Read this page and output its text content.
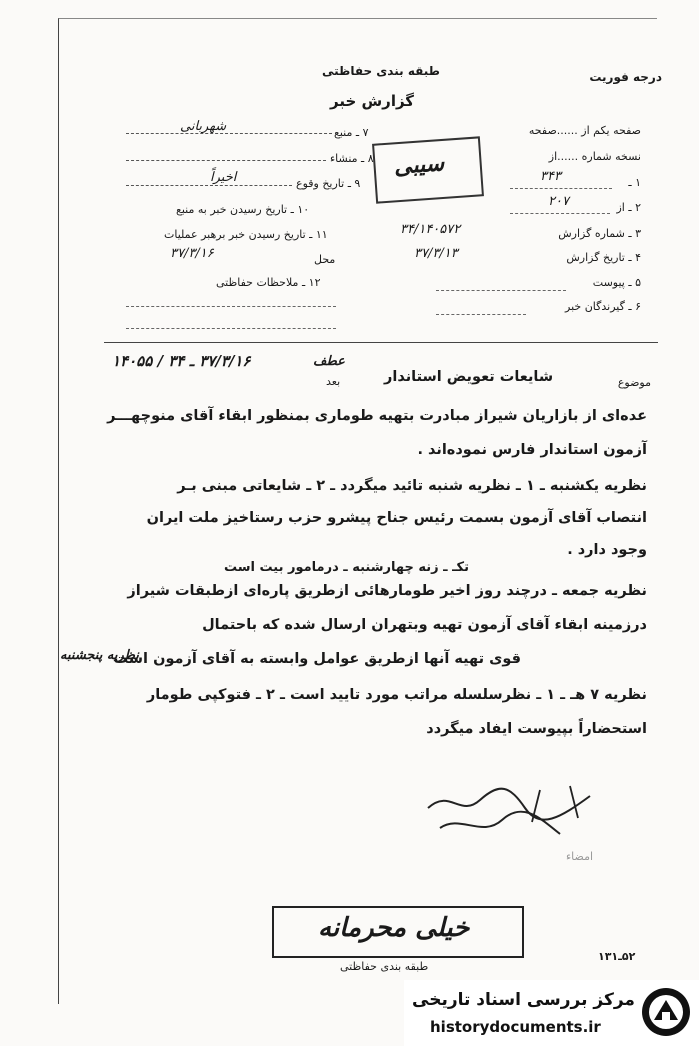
درجه فوریت
طبقه بندی حفاظتی
گزارش خبر
صفحه یکم از ......صفحه
نسخه شماره ......از
۱ ـ
۳۴۳
۲ ـ از
۲۰۷
۳ ـ شماره گزارش
۳۴/۱۴۰۵۷۲
۴ ـ تاریخ گزارش
۳۷/۳/۱۳
۵ ـ پیوست
۶ ـ گیرندگان خبر
۷ ـ منبع
شهربانی
۸ ـ منشاء
۹ ـ تاریخ وقوع
اخیراً
۱۰ ـ تاریخ رسیدن خبر به منبع
۱۱ ـ تاریخ رسیدن خبر برهبر عملیات
محل
۳۷/۳/۱۶
۱۲ ـ ملاحظات حفاظتی
سیبی
عطف
۳۷/۳/۱۶ ـ ۳۴ / ۱۴۰۵۵
بعد	موضوع
شایعات تعویض استاندار
عده‌ای از بازاریان شیراز مبادرت بتهیه طوماری بمنظور ابقاء آقای منوچهـــر
آزمون استاندار فارس نموده‌اند .
نظریه یکشنبه ـ ۱ ـ نظریه شنبه تائید میگردد ـ ۲ ـ شایعاتی مبنی بـر
انتصاب آقای آزمون بسمت رئیس جناح پیشرو حزب رستاخیز ملت ایران
وجود دارد .
تکـ ـ زنه چهارشنبه ـ درمامور بیت است
نظریه جمعه ـ درچند روز اخیر طومارهائی ازطریق پاره‌ای ازطبقات شیراز
درزمینه ابقاء آقای آزمون تهیه وبتهران ارسال شده که باحتمال
قوی تهیه آنها ازطریق عوامل وابسته به آقای آزمون است
نظریه پنجشنبه
نظریه ۷ هـ ـ ۱ ـ نظرسلسله مراتب مورد تایید است ـ ۲ ـ فتوکپی طومار
استحضاراً بپیوست ایفاد میگردد
امضاء
خیلی محرمانه
طبقه بندی حفاظتی
۵۲ـ۱۳۱
مرکز بررسی اسناد تاریخی
historydocuments.ir
